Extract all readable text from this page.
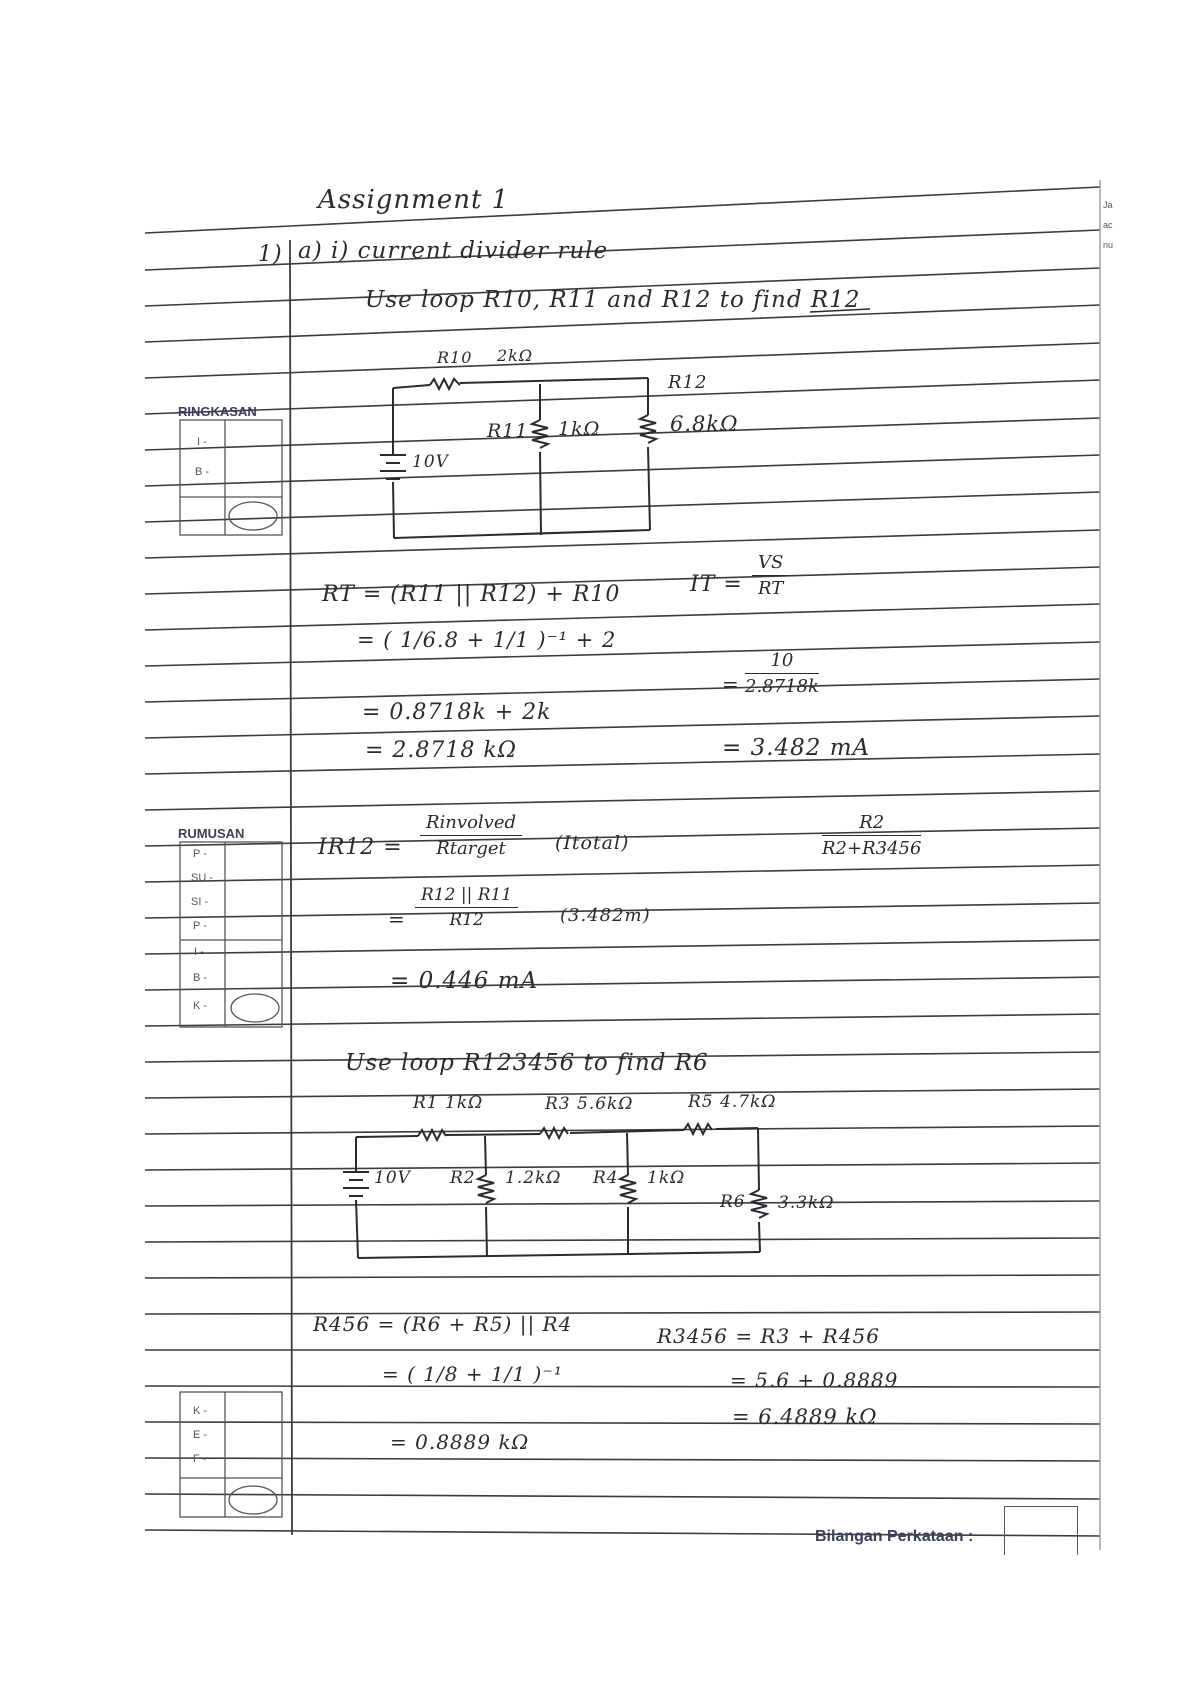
RINGKASAN
I -
B -
RUMUSAN
P -
SU -
SI -
P -
I -
B -
K -
K -
E -
F -
Assignment 1
1) a) i) current divider rule
Use loop R10, R11 and R12 to find R12
R10 2kΩ
R12
R11 1kΩ	6.8kΩ
10V
RT = (R11 || R12) + R10
= ( 1/6.8 + 1/1 )⁻¹ + 2
= 0.8718k + 2k
= 2.8718 kΩ
IT = $\frac{VS}{RT}$
= $\frac{10}{2.8718k}$
= 3.482 mA
IR12 =
Rinvolved
Rtarget	(Itotal)	$\frac{R2}{R2+R3456}$
= $\frac{R12 || R11}{R12} (3.482m)$
= 0.446 mA
Use loop R123456 to find R6
R1 1kΩ	R3 5.6kΩ	R5 4.7kΩ
10V R2 1.2kΩ R4 1kΩ
R6 3.3kΩ
R456 = (R6 + R5) || R4
= ( 1/8 + 1/1 )⁻¹
= 0.8889 kΩ
R3456 = R3 + R456
= 5.6 + 0.8889
= 6.4889 kΩ
Bilangan Perkataan :
Ja
ac
nu
